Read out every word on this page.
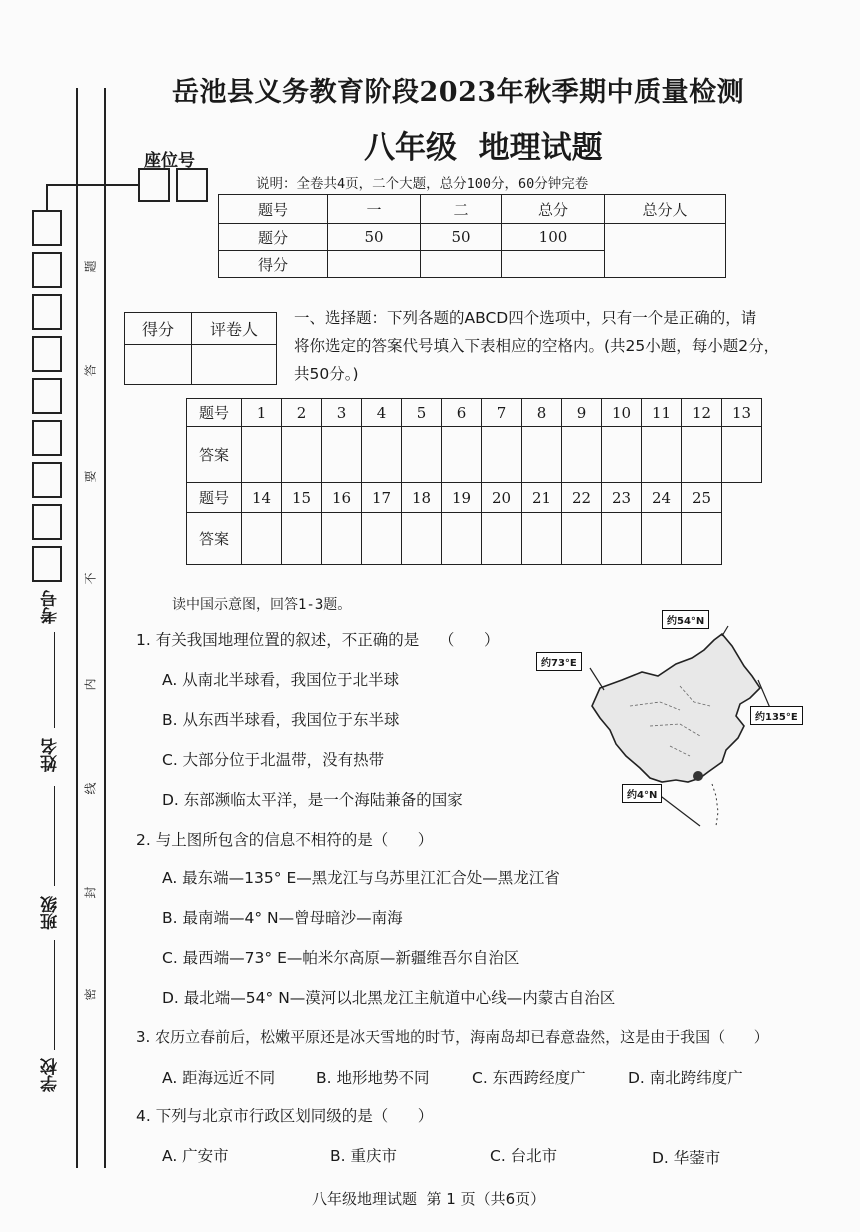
题
答
要
不
内
线
封
密
考号
姓名
班级
学校
岳池县义务教育阶段2023年秋季期中质量检测
八年级  地理试题
座位号
说明：全卷共4页，二个大题，总分100分，60分钟完卷
题号	一	二	总分	总分人
题分	50	50	100	
得分				
得分	评卷人

一、选择题：下列各题的ABCD四个选项中，只有一个是正确的，请
将你选定的答案代号填入下表相应的空格内。(共25小题，每小题2分，
共50分。)
题号	1	2	3	4	5	6	7	8	9	10	11	12	13
答案													
题号	14	15	16	17	18	19	20	21	22	23	24	25	
答案													
读中国示意图，回答1-3题。
约54°N
约73°E
约135°E
约4°N
1. 有关我国地理位置的叙述，不正确的是    （      ）
A. 从南北半球看，我国位于北半球
B. 从东西半球看，我国位于东半球
C. 大部分位于北温带，没有热带
D. 东部濒临太平洋，是一个海陆兼备的国家
2. 与上图所包含的信息不相符的是（      ）
A. 最东端—135° E—黑龙江与乌苏里江汇合处—黑龙江省
B. 最南端—4° N—曾母暗沙—南海
C. 最西端—73° E—帕米尔高原—新疆维吾尔自治区
D. 最北端—54° N—漠河以北黑龙江主航道中心线—内蒙古自治区
3. 农历立春前后，松嫩平原还是冰天雪地的时节，海南岛却已春意盎然，这是由于我国（      ）
A. 距海远近不同	B. 地形地势不同	C. 东西跨经度广	D. 南北跨纬度广
4. 下列与北京市行政区划同级的是（      ）
A. 广安市	B. 重庆市	C. 台北市	D. 华蓥市
八年级地理试题  第 1 页（共6页）
